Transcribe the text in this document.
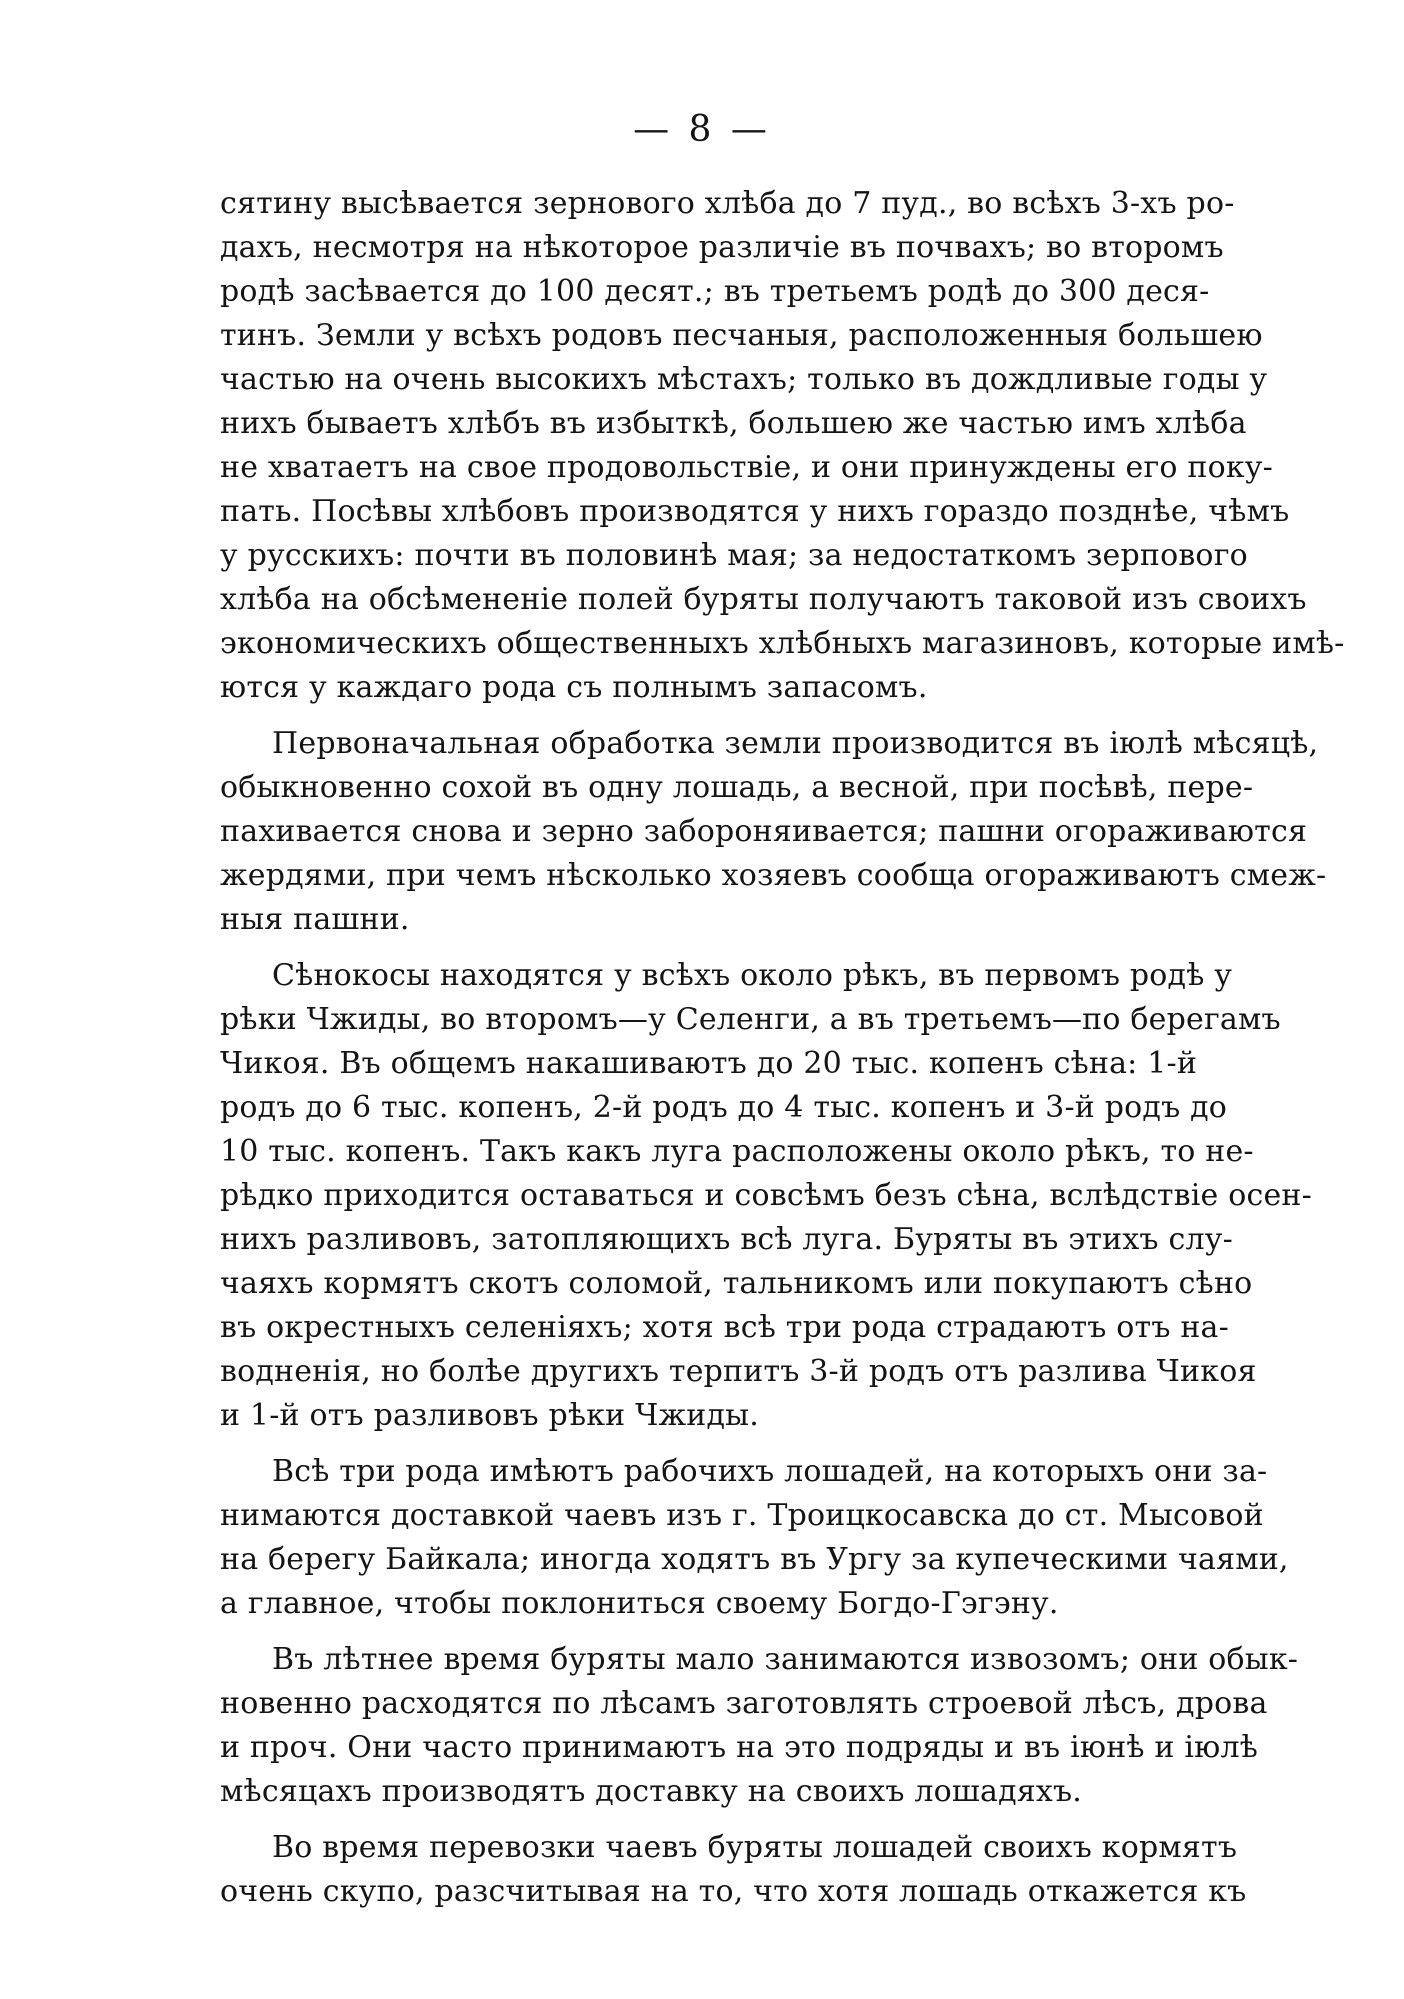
— 8 —
сятину высѣвается зернового хлѣба до 7 пуд., во всѣхъ 3-хъ ро-
дахъ, несмотря на нѣкоторое различіе въ почвахъ; во второмъ
родѣ засѣвается до 100 десят.; въ третьемъ родѣ до 300 деся-
тинъ. Земли у всѣхъ родовъ песчаныя, расположенныя большею
частью на очень высокихъ мѣстахъ; только въ дождливые годы у
нихъ бываетъ хлѣбъ въ избыткѣ, большею же частью имъ хлѣба
не хватаетъ на свое продовольствіе, и они принуждены его поку-
пать. Посѣвы хлѣбовъ производятся у нихъ гораздо позднѣе, чѣмъ
у русскихъ: почти въ половинѣ мая; за недостаткомъ зерпового
хлѣба на обсѣмененіе полей буряты получаютъ таковой изъ своихъ
экономическихъ общественныхъ хлѣбныхъ магазиновъ, которые имѣ-
ются у каждаго рода съ полнымъ запасомъ.
Первоначальная обработка земли производится въ іюлѣ мѣсяцѣ,
обыкновенно сохой въ одну лошадь, а весной, при посѣвѣ, пере-
пахивается снова и зерно забороняивается; пашни огораживаются
жердями, при чемъ нѣсколько хозяевъ сообща огораживаютъ смеж-
ныя пашни.
Сѣнокосы находятся у всѣхъ около рѣкъ, въ первомъ родѣ у
рѣки Чжиды, во второмъ—у Селенги, а въ третьемъ—по берегамъ
Чикоя. Въ общемъ накашиваютъ до 20 тыс. копенъ сѣна: 1-й
родъ до 6 тыс. копенъ, 2-й родъ до 4 тыс. копенъ и 3-й родъ до
10 тыс. копенъ. Такъ какъ луга расположены около рѣкъ, то не-
рѣдко приходится оставаться и совсѣмъ безъ сѣна, вслѣдствіе осен-
нихъ разливовъ, затопляющихъ всѣ луга. Буряты въ этихъ слу-
чаяхъ кормятъ скотъ соломой, тальникомъ или покупаютъ сѣно
въ окрестныхъ селеніяхъ; хотя всѣ три рода страдаютъ отъ на-
водненія, но болѣе другихъ терпитъ 3-й родъ отъ разлива Чикоя
и 1-й отъ разливовъ рѣки Чжиды.
Всѣ три рода имѣютъ рабочихъ лошадей, на которыхъ они за-
нимаются доставкой чаевъ изъ г. Троицкосавска до ст. Мысовой
на берегу Байкала; иногда ходятъ въ Ургу за купеческими чаями,
а главное, чтобы поклониться своему Богдо-Гэгэну.
Въ лѣтнее время буряты мало занимаются извозомъ; они обык-
новенно расходятся по лѣсамъ заготовлять строевой лѣсъ, дрова
и проч. Они часто принимаютъ на это подряды и въ іюнѣ и іюлѣ
мѣсяцахъ производятъ доставку на своихъ лошадяхъ.
Во время перевозки чаевъ буряты лошадей своихъ кормятъ
очень скупо, разсчитывая на то, что хотя лошадь откажется къ
